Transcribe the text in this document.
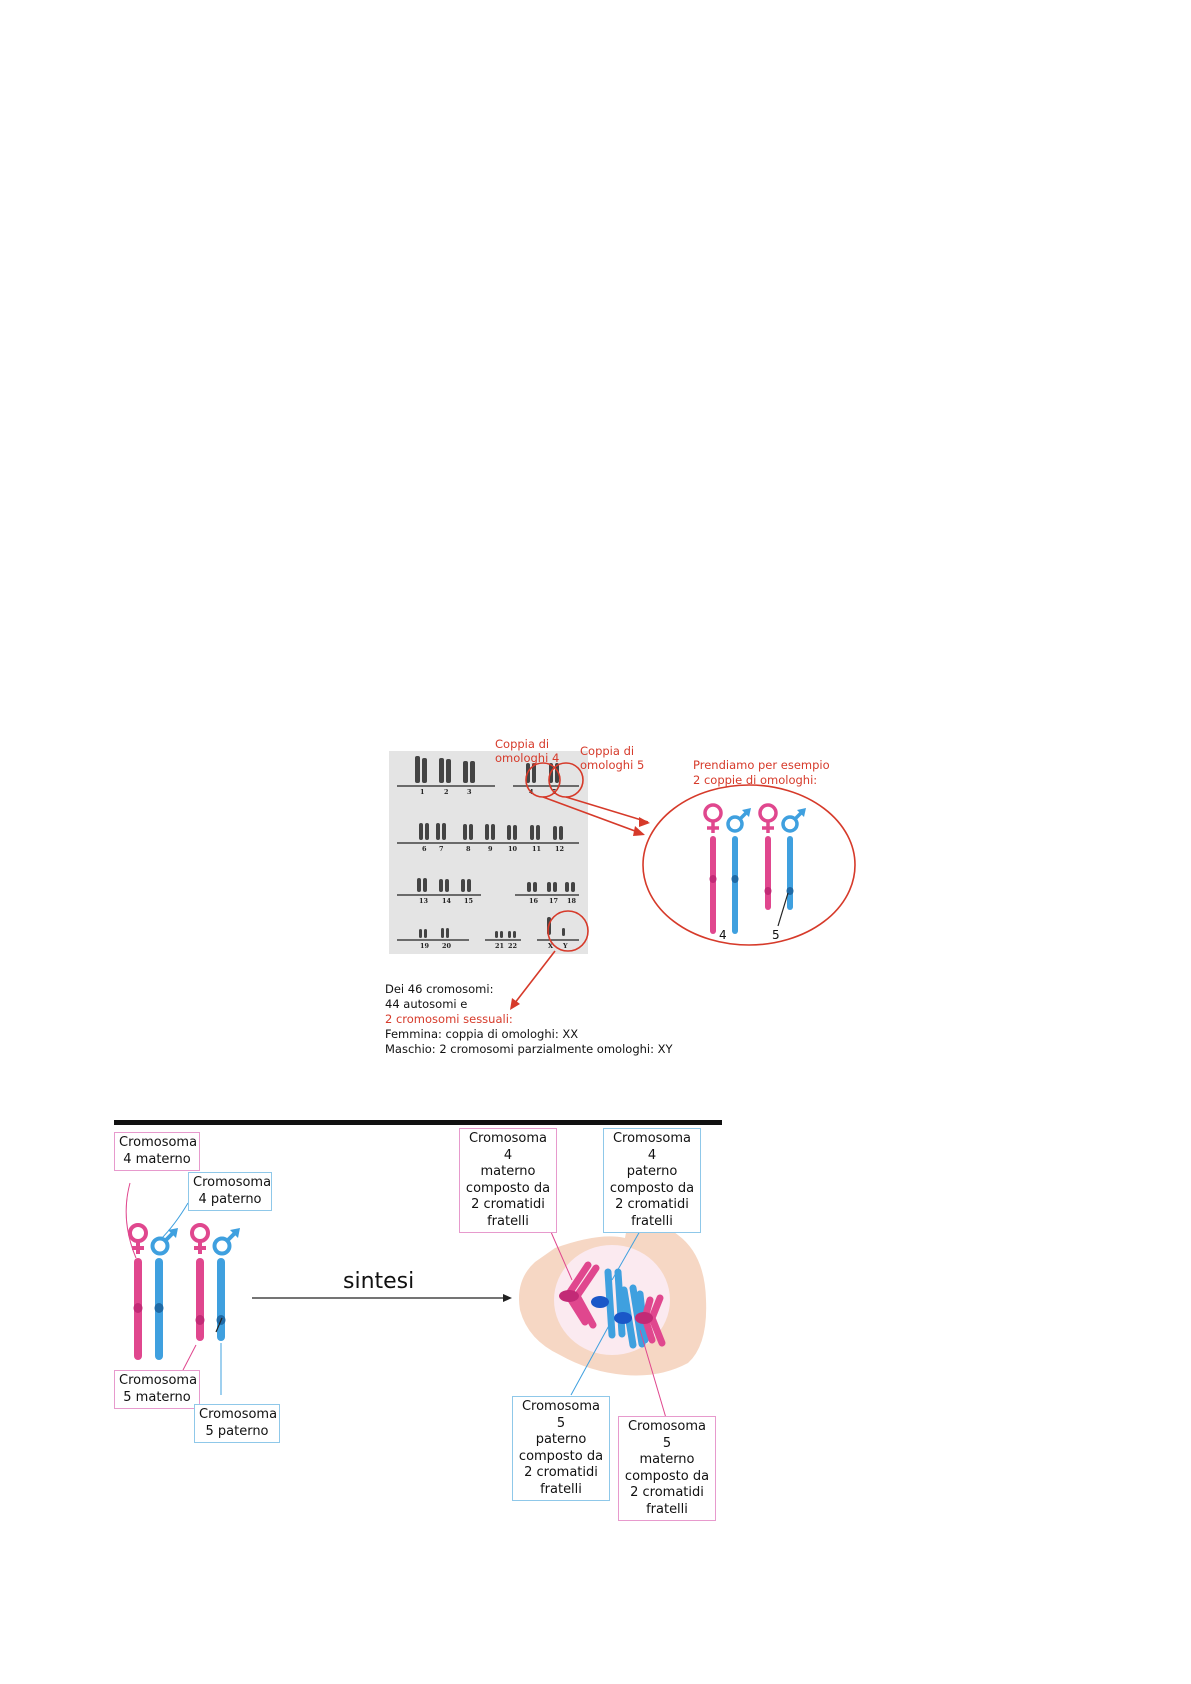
1	2	3	4	5
6 7	8	9 10 11 12
13 14 15	16 17 18
19 20	21 22	X Y
Coppia di omologhi 4	Coppia di omologhi 5	Prendiamo per esempio 2 coppie di omologhi:
4	5
Dei 46 cromosomi:
44 autosomi e
2 cromosomi sessuali:
Femmina: coppia di omologhi: XX
Maschio: 2 cromosomi parzialmente omologhi: XY
sintesi
Cromosoma
4 materno
Cromosoma
4 paterno
Cromosoma
5 materno
Cromosoma
5 paterno
Cromosoma 4
materno
composto da
2 cromatidi
fratelli
Cromosoma 4
paterno
composto da
2 cromatidi
fratelli
Cromosoma 5
paterno
composto da
2 cromatidi
fratelli
Cromosoma 5
materno
composto da
2 cromatidi
fratelli
